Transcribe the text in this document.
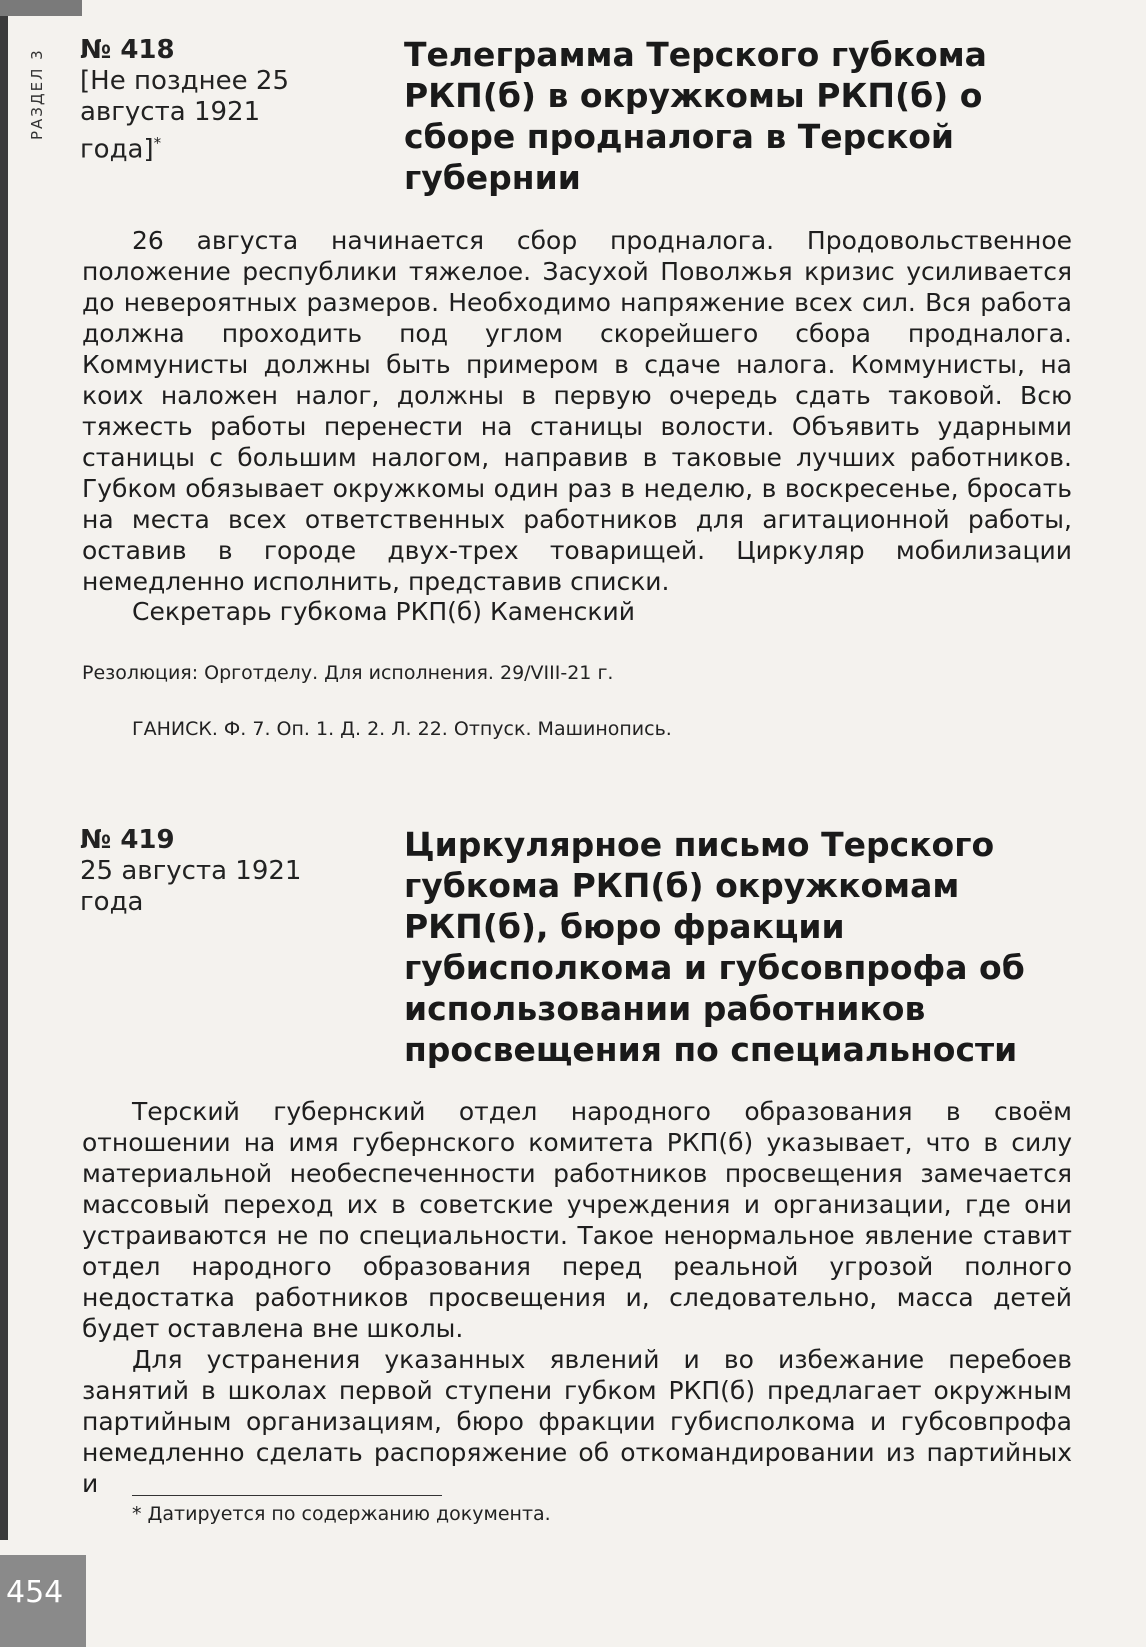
РАЗДЕЛ 3 № 418
[Не позднее 25 августа 1921 года]*
Телеграмма Терского губкома РКП(б) в окружкомы РКП(б) о сборе продналога в Терской губернии

26 августа начинается сбор продналога. Продовольственное положение республики тяжелое. Засухой Поволжья кризис усиливается до невероятных размеров. Необходимо напряжение всех сил. Вся работа должна проходить под углом скорейшего сбора продналога. Коммунисты должны быть примером в сдаче налога. Коммунисты, на коих наложен налог, должны в первую очередь сдать таковой. Всю тяжесть работы перенести на станицы волости. Объявить ударными станицы с большим налогом, направив в таковые лучших работников. Губком обязывает окружкомы один раз в неделю, в воскресенье, бросать на места всех ответственных работников для агитационной работы, оставив в городе двух-трех товарищей. Циркуляр мобилизации немедленно исполнить, представив списки.

Секретарь губкома РКП(б) Каменский
Резолюция: Орготделу. Для исполнения. 29/VIII-21 г.
ГАНИСК. Ф. 7. Оп. 1. Д. 2. Л. 22. Отпуск. Машинопись.
№ 419
25 августа 1921 года
Циркулярное письмо Терского губкома РКП(б) окружкомам РКП(б), бюро фракции губисполкома и губсовпрофа об использовании работников просвещения по специальности

Терский губернский отдел народного образования в своём отношении на имя губернского комитета РКП(б) указывает, что в силу материальной необеспеченности работников просвещения замечается массовый переход их в советские учреждения и организации, где они устраиваются не по специальности. Такое ненормальное явление ставит отдел народного образования перед реальной угрозой полного недостатка работников просвещения и, следовательно, масса детей будет оставлена вне школы.

Для устранения указанных явлений и во избежание перебоев занятий в школах первой ступени губком РКП(б) предлагает окружным партийным организациям, бюро фракции губисполкома и губсовпрофа немедленно сделать распоряжение об откомандировании из партийных и

* Датируется по содержанию документа.
454
